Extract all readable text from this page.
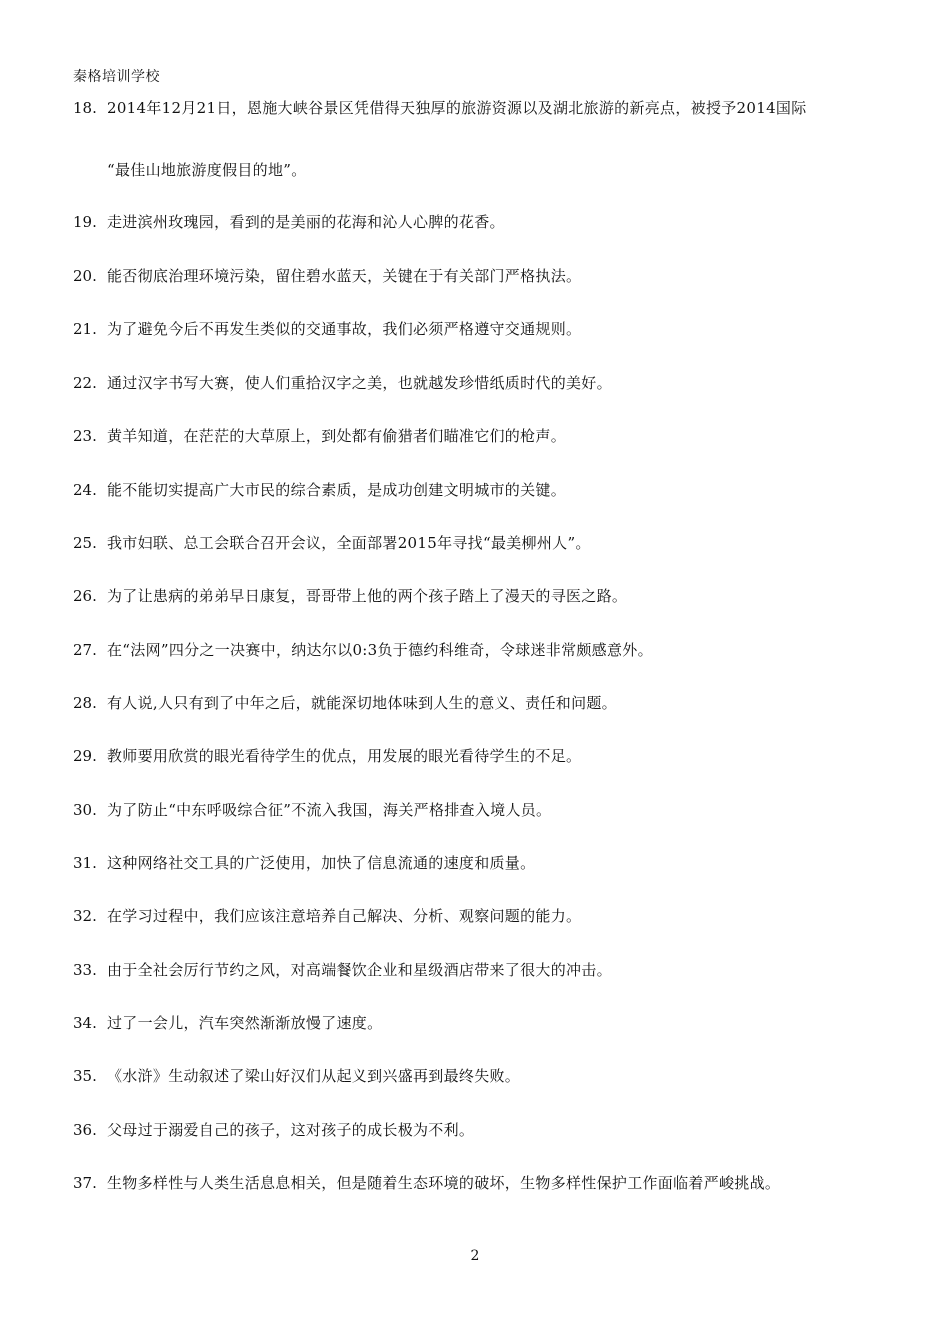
秦格培训学校
18. 2014年12月21日，恩施大峡谷景区凭借得天独厚的旅游资源以及湖北旅游的新亮点，被授予2014国际
“最佳山地旅游度假目的地”。
19. 走进滨州玫瑰园，看到的是美丽的花海和沁人心脾的花香。
20. 能否彻底治理环境污染，留住碧水蓝天，关键在于有关部门严格执法。
21. 为了避免今后不再发生类似的交通事故，我们必须严格遵守交通规则。
22. 通过汉字书写大赛，使人们重拾汉字之美，也就越发珍惜纸质时代的美好。
23. 黄羊知道，在茫茫的大草原上，到处都有偷猎者们瞄准它们的枪声。
24. 能不能切实提高广大市民的综合素质，是成功创建文明城市的关键。
25. 我市妇联、总工会联合召开会议，全面部署2015年寻找“最美柳州人”。
26. 为了让患病的弟弟早日康复，哥哥带上他的两个孩子踏上了漫天的寻医之路。
27. 在“法网”四分之一决赛中，纳达尔以0:3负于德约科维奇，令球迷非常颇感意外。
28. 有人说,人只有到了中年之后，就能深切地体味到人生的意义、责任和问题。
29. 教师要用欣赏的眼光看待学生的优点，用发展的眼光看待学生的不足。
30. 为了防止“中东呼吸综合征”不流入我国，海关严格排查入境人员。
31. 这种网络社交工具的广泛使用，加快了信息流通的速度和质量。
32. 在学习过程中，我们应该注意培养自己解决、分析、观察问题的能力。
33. 由于全社会厉行节约之风，对高端餐饮企业和星级酒店带来了很大的冲击。
34. 过了一会儿，汽车突然渐渐放慢了速度。
35. 《水浒》生动叙述了梁山好汉们从起义到兴盛再到最终失败。
36. 父母过于溺爱自己的孩子，这对孩子的成长极为不利。
37. 生物多样性与人类生活息息相关，但是随着生态环境的破坏，生物多样性保护工作面临着严峻挑战。
2
